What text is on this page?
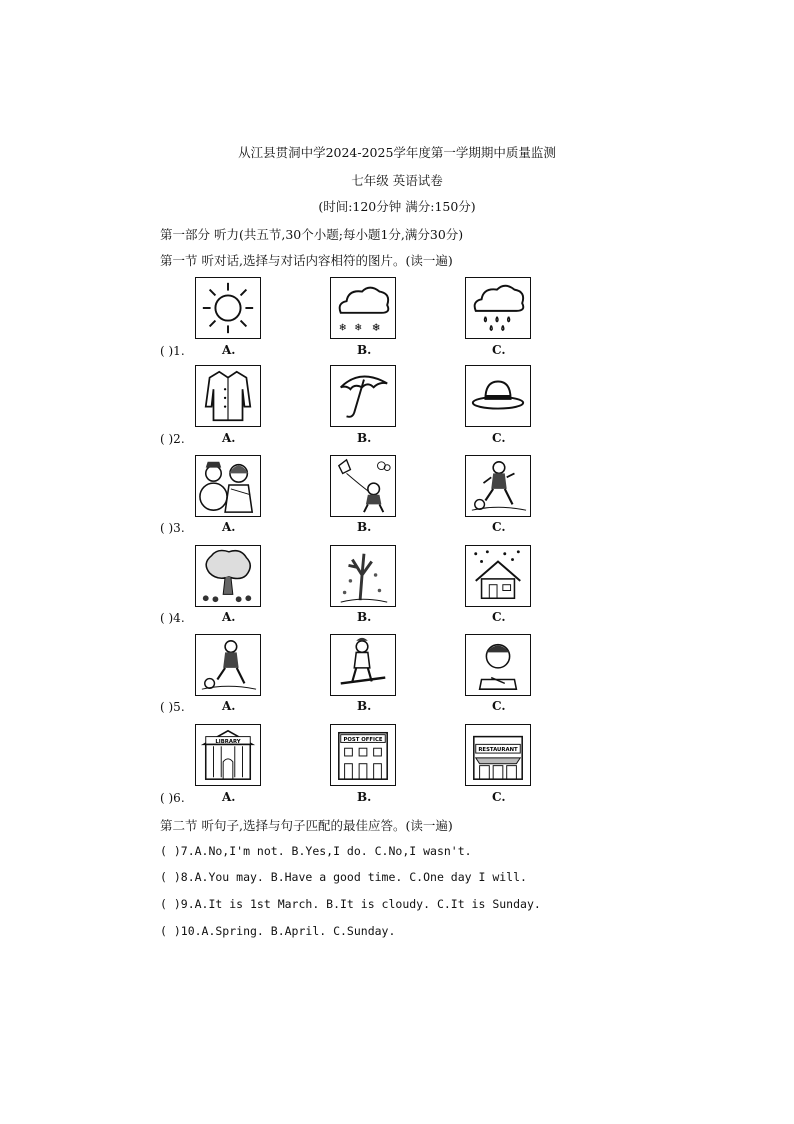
从江县贯洞中学2024-2025学年度第一学期期中质量监测
七年级 英语试卷
(时间:120分钟 满分:150分)
第一部分 听力(共五节,30个小题;每小题1分,满分30分)
第一节 听对话,选择与对话内容相符的图片。(读一遍)
❄ ❄ ❄
( )1.	A.	B.	C.
( )2.	A.	B.	C.
( )3.	A.	B.	C.
( )4.	A.	B.	C.
( )5.	A.	B.	C.
LIBRARY	POST OFFICE
RESTAURANT
( )6.	A.	B.	C.
第二节 听句子,选择与句子匹配的最佳应答。(读一遍)
( )7.A.No,I'm not. B.Yes,I do. C.No,I wasn't.
( )8.A.You may. B.Have a good time. C.One day I will.
( )9.A.It is 1st March. B.It is cloudy. C.It is Sunday.
( )10.A.Spring. B.April. C.Sunday.
